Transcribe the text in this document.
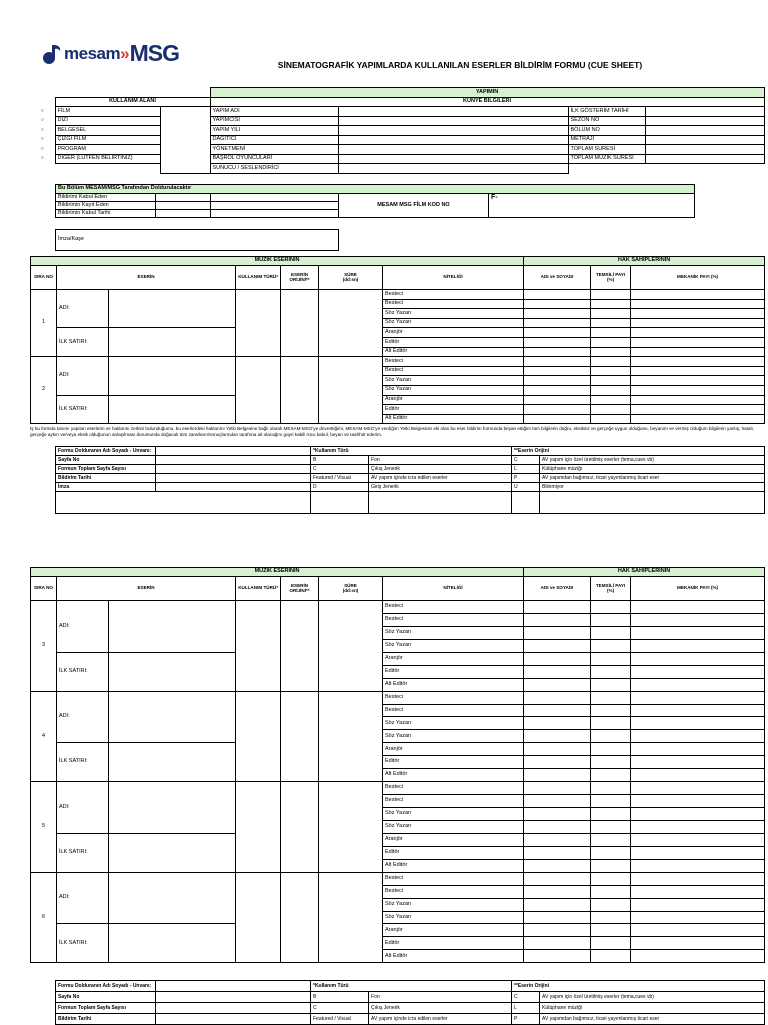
mesam » MSG	SİNEMATOGRAFİK YAPIMLARDA KULLANILAN ESERLER BİLDİRİM FORMU (CUE SHEET)
			YAPIMIN			
	KULLANIM ALANI		KÜNYE BİLGİLERİ			
○	FİLM		YAPIM ADI		İLK GÖSTERİM TARİHİ	
○	DİZİ		YAPIMCISI		SEZON NO	
○	BELGESEL		YAPIM YILI		BÖLÜM NO	
○	ÇİZGİ FİLM		DAĞITICI		METRAJI	
○	PROGRAM		YÖNETMENİ		TOPLAM SURESİ	
○	DİĞER (LÜTFEN BELİRTİNİZ)		BAŞROL OYUNCULARI		TOPLAM MUZİK SURESİ	
			SUNUCU / SESLENDİRİCİ			
Bu Bölüm MESAM/MSG Tarafından Doldurulacaktır				
Bildirimi Kabul Eden			MESAM MSG FİLM KOD NO	F-
Bildirimin Kayıt Eden				
Bildirimin Kabul Tarihi				
İmza/Kaşe
MÜZİK ESERİNİN							HAK SAHİPLERİNİN			
SIRA NO	ESERİN		KULLANIM TÜRÜ*	ESERİN ORİJİNİ**	SÜRE
(dd:sn)	NİTELİĞİ	ADI ve SOYADI	TEMSİLİ PAYI (%)	MEKANİK PAYI (%)	
1	ADI:					Besteci				
						Besteci				
						Söz Yazarı				
						Söz Yazarı				
	İLK SATIRI:					Aranjör				
						Editör				
						Alt Editör				
2	ADI:					Besteci				
						Besteci				
						Söz Yazarı				
						Söz Yazarı				
	İLK SATIRI:					Aranjör				
						Editör				
						Alt Editör				
İş bu formda tanımı yapılan eserlerin ve haklarını zerkini bulunduğumu, bu eserlerdeki haklarımı Yetki Belgesine bağlı olarak MESAM-MSG'ye devrettiğimi, MESAM-MSG'ye verdiğim Yetki Belgesinin eki olan bu eser bildirim formunda beyan ettiğim tüm bilgilerin doğru, eksiksiz ve gerçeğe uygun olduğunu, beyanım ve vermiş olduğum bilgilerin yanlış, hatalı, gerçeğe aykırı ve/veya eksik olduğunun anlaşılması durumunda doğacak tüm zararların/sonuçlarından tarafıma ait olacağını gayri kabili rücu kabul, beyan ve taahhüt ederim.
Formu Dolduranın Adı Soyadı - Unvanı:		*Kullanım Türü		**Eserin Orijini	
Sayfa No		B	Fon	C	AV yapım için özel üretilmiş eserler (tema,cues vb)
Formun Toplam Sayfa Sayısı		C	Çıkış Jenerik	L	Kütüphane müziği
Bildirim Tarihi		Featured / Visual	AV yapım içinde icra edilen eserler	P	AV yapımdan bağımsız, ticari yayımlanmış ticari eser
İmza		D	Giriş Jenerik	U	Bilinmiyor

MÜZİK ESERİNİN							HAK SAHİPLERİNİN			
SIRA NO	ESERİN		KULLANIM TÜRÜ*	ESERİN ORİJİNİ**	SÜRE
(dd:sn)	NİTELİĞİ	ADI ve SOYADI	TEMSİLİ PAYI (%)	MEKANİK PAYI (%)	
3	ADI:					Besteci				
						Besteci				
						Söz Yazarı				
						Söz Yazarı				
	İLK SATIRI:					Aranjör				
						Editör				
						Alt Editör				
4	ADI:					Besteci				
						Besteci				
						Söz Yazarı				
						Söz Yazarı				
	İLK SATIRI:					Aranjör				
						Editör				
						Alt Editör				
5	ADI:					Besteci				
						Besteci				
						Söz Yazarı				
						Söz Yazarı				
	İLK SATIRI:					Aranjör				
						Editör				
						Alt Editör				
6	ADI:					Besteci				
						Besteci				
						Söz Yazarı				
						Söz Yazarı				
	İLK SATIRI:					Aranjör				
						Editör				
						Alt Editör				
Formu Dolduranın Adı Soyadı - Unvanı:		*Kullanım Türü		**Eserin Orijini	
Sayfa No		B	Fon	C	AV yapım için özel üretilmiş eserler (tema,cues vb)
Formun Toplam Sayfa Sayısı		C	Çıkış Jenerik	L	Kütüphane müziği
Bildirim Tarihi		Featured / Visual	AV yapım içinde icra edilen eserler	P	AV yapımdan bağımsız, ticari yayımlanmış ticari eser
